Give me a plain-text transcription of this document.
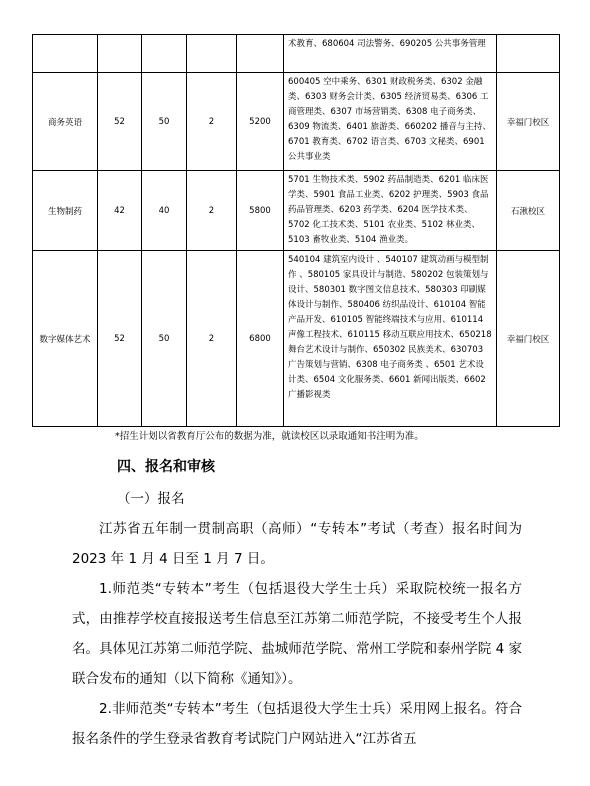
					术教育、680604 司法警务、690205 公共事务管理	
商务英语	52	50	2	5200	600405 空中乘务、6301 财政税务类、6302 金融类、6303 财务会计类、6305 经济贸易类、6306 工商管理类、6307 市场营销类、6308 电子商务类、6309 物流类、6401 旅游类、660202 播音与主持、6701 教育类、6702 语言类、6703 文秘类、6901 公共事业类	幸福门校区
生物制药	42	40	2	5800	5701 生物技术类、5902 药品制造类、6201 临床医学类、5901 食品工业类、6202 护理类、5903 食品药品管理类、6203 药学类、6204 医学技术类、5702 化工技术类、5101 农业类、5102 林业类、5103 畜牧业类、5104 渔业类。	石湫校区
数字媒体艺术	52	50	2	6800	540104 建筑室内设计 、540107 建筑动画与模型制作 、580105 家具设计与制造、580202 包装策划与设计、580301 数字图文信息技术、580303 印刷媒体设计与制作、580406 纺织品设计、610104 智能产品开发、610105 智能终端技术与应用、610114 声像工程技术、610115 移动互联应用技术、650218 舞台艺术设计与制作、650302 民族美术、630703 广告策划与营销、6308 电子商务类 、6501 艺术设计类、6504 文化服务类、6601 新闻出版类、6602 广播影视类	幸福门校区
*招生计划以省教育厅公布的数据为准，就读校区以录取通知书注明为准。
四、报名和审核
（一）报名

江苏省五年制一贯制高职（高师）“专转本”考试（考查）报名时间为 2023 年 1 月 4 日至 1 月 7 日。

1.师范类“专转本”考生（包括退役大学生士兵）采取院校统一报名方式，由推荐学校直接报送考生信息至江苏第二师范学院，不接受考生个人报名。具体见江苏第二师范学院、盐城师范学院、常州工学院和泰州学院 4 家联合发布的通知（以下简称《通知》）。

2.非师范类“专转本”考生（包括退役大学生士兵）采用网上报名。符合报名条件的学生登录省教育考试院门户网站进入“江苏省五
